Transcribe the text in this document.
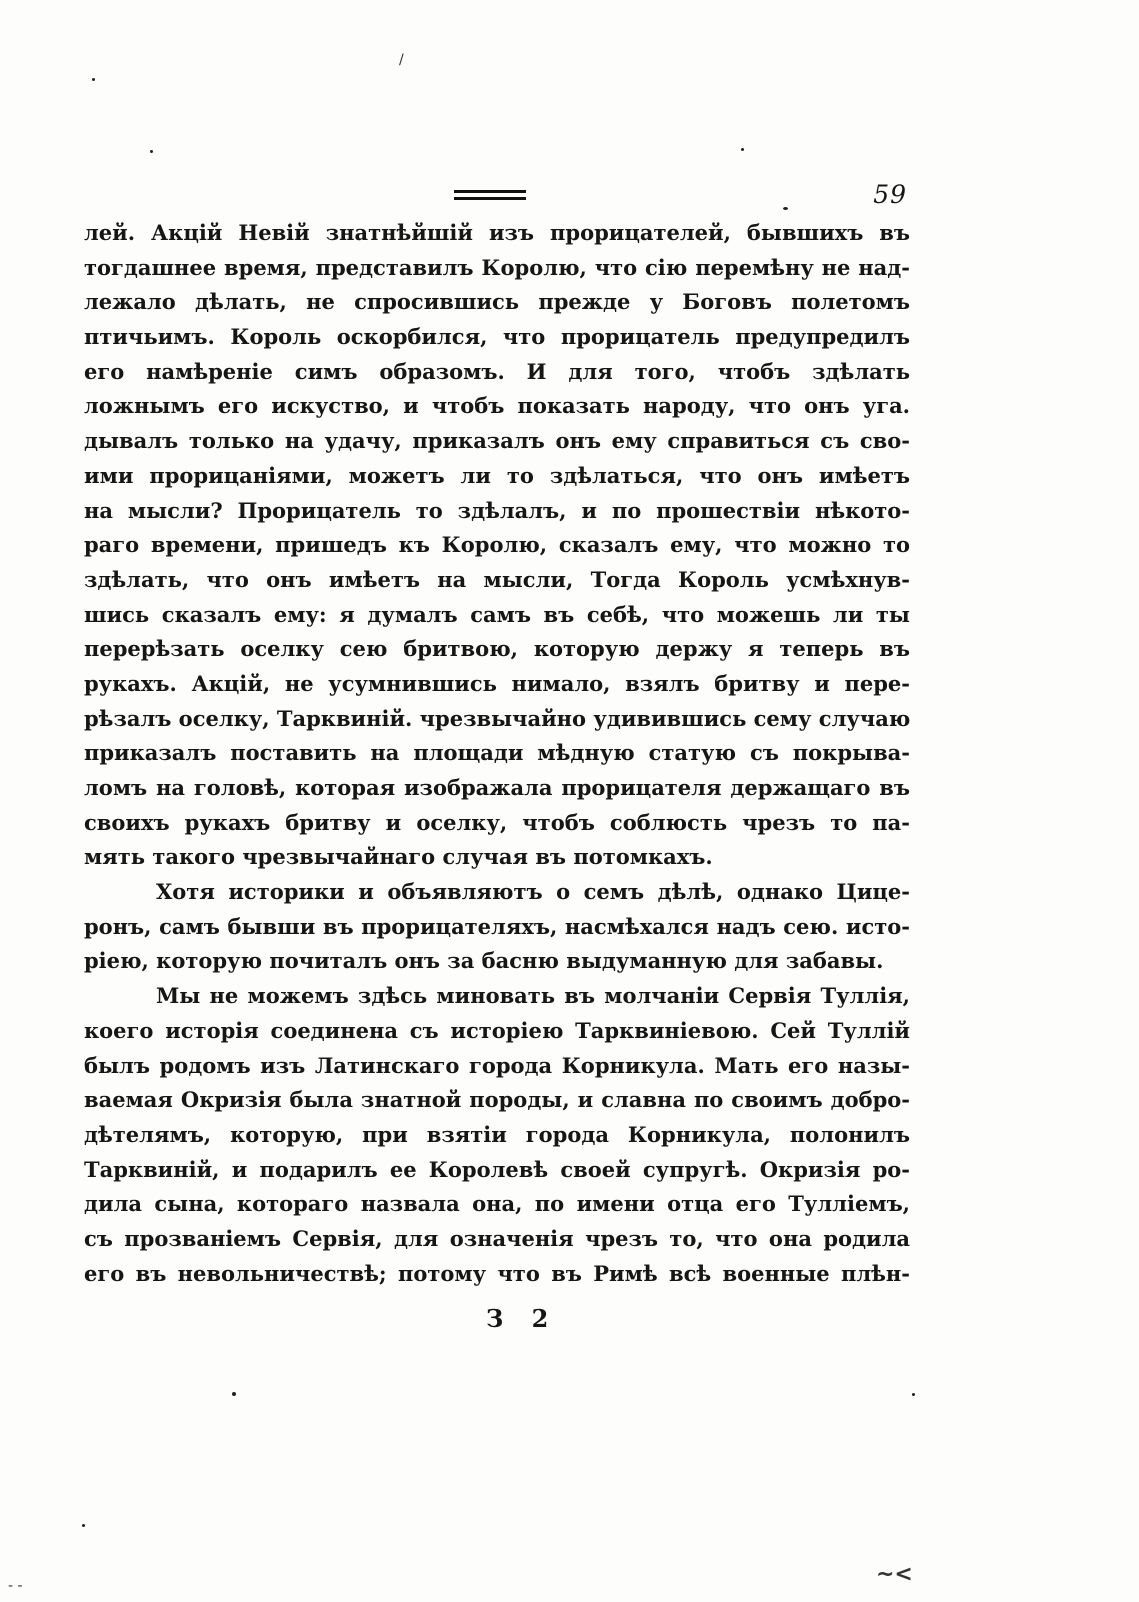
59
лей. Акцій Невій знатнѣйшій изъ прорицателей, бывшихъ въ
тогдашнее время, представилъ Королю, что сію перемѣну не над-
лежало дѣлать, не спросившись прежде у Боговъ полетомъ
птичьимъ. Король оскорбился, что прорицатель предупредилъ
его намѣреніе симъ образомъ. И для того, чтобъ здѣлать
ложнымъ его искуство, и чтобъ показать народу, что онъ уга.
дывалъ только на удачу, приказалъ онъ ему справиться съ сво-
ими прорицаніями, можетъ ли то здѣлаться, что онъ имѣетъ
на мысли? Прорицатель то здѣлалъ, и по прошествіи нѣкото-
раго времени, пришедъ къ Королю, сказалъ ему, что можно то
здѣлать, что онъ имѣетъ на мысли, Тогда Король усмѣхнув-
шись сказалъ ему: я думалъ самъ въ себѣ, что можешь ли ты
перерѣзать оселку сею бритвою, которую держу я теперь въ
рукахъ. Акцій, не усумнившись нимало, взялъ бритву и пере-
рѣзалъ оселку, Тарквиній. чрезвычайно удивившись сему случаю
приказалъ поставить на площади мѣдную статую съ покрыва-
ломъ на головѣ, которая изображала прорицателя держащаго въ
своихъ рукахъ бритву и оселку, чтобъ соблюсть чрезъ то па-
мять такого чрезвычайнаго случая въ потомкахъ.
Хотя историки и объявляютъ о семъ дѣлѣ, однако Цице-
ронъ, самъ бывши въ прорицателяхъ, насмѣхался надъ сею. исто-
ріею, которую почиталъ онъ за басню выдуманную для забавы.
Мы не можемъ здѣсь миновать въ молчаніи Сервія Туллія,
коего исторія соединена съ исторіею Тарквиніевою. Сей Туллій
былъ родомъ изъ Латинскаго города Корникула. Мать его назы-
ваемая Окризія была знатной породы, и славна по своимъ добро-
дѣтелямъ, которую, при взятіи города Корникула, полонилъ
Тарквиній, и подарилъ ее Королевѣ своей супругѣ. Окризія ро-
дила сына, котораго назвала она, по имени отца его Тулліемъ,
съ прозваніемъ Сервія, для означенія чрезъ то, что она родила
его въ невольничествѣ; потому что въ Римѣ всѣ военные плѣн-
З 2
/
~<
- -
